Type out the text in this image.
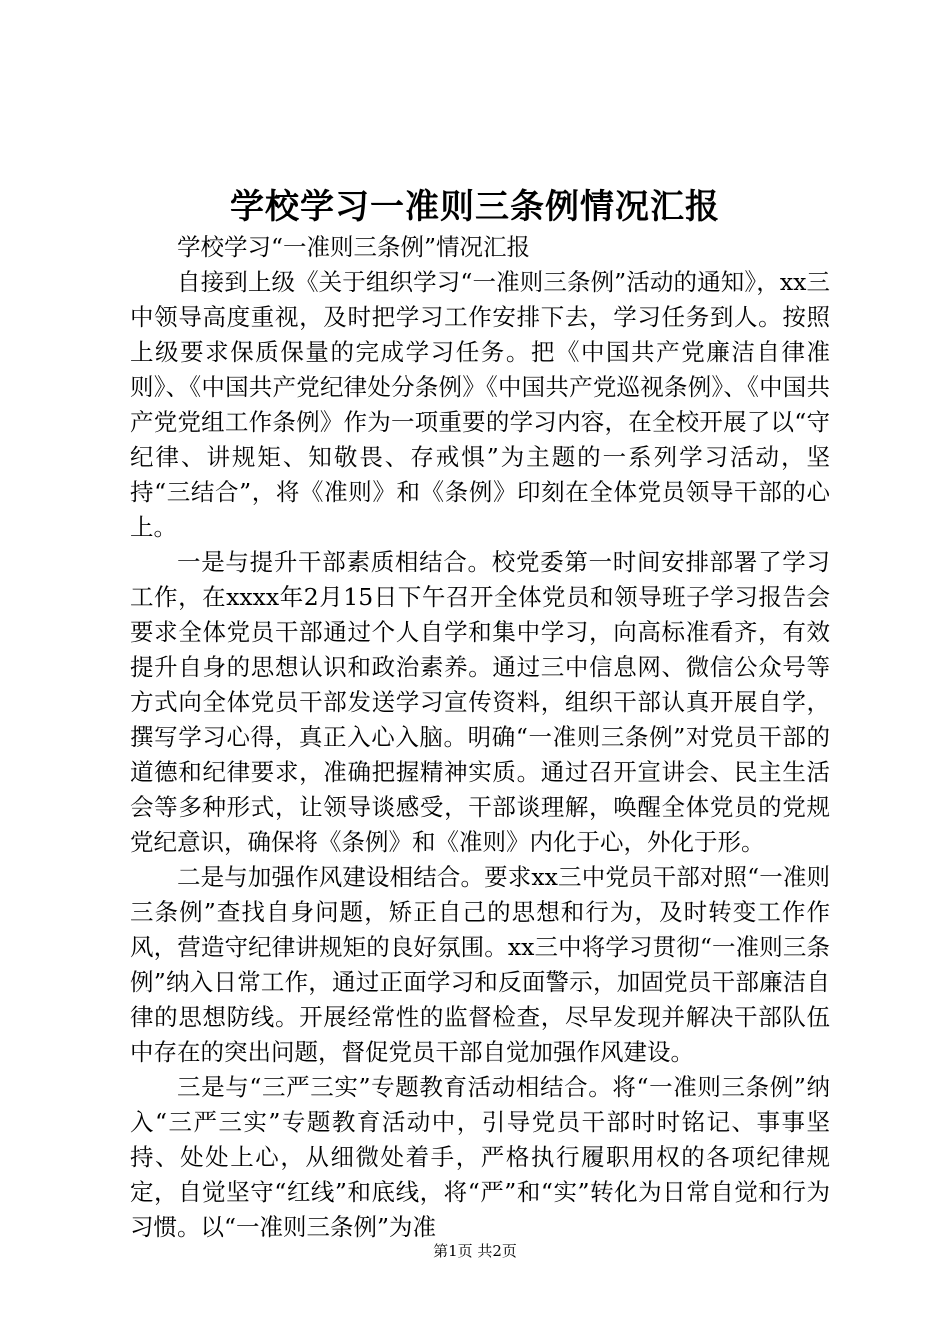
学校学习一准则三条例情况汇报

学校学习“一准则三条例”情况汇报

自接到上级《关于组织学习“一准则三条例”活动的通知》，xx三中领导高度重视，及时把学习工作安排下去，学习任务到人。按照上级要求保质保量的完成学习任务。把《中国共产党廉洁自律准则》、《中国共产党纪律处分条例》《中国共产党巡视条例》、《中国共产党党组工作条例》作为一项重要的学习内容，在全校开展了以“守纪律、讲规矩、知敬畏、存戒惧”为主题的一系列学习活动，坚持“三结合”，将《准则》和《条例》印刻在全体党员领导干部的心上。

一是与提升干部素质相结合。校党委第一时间安排部署了学习工作，在xxxx年2月15日下午召开全体党员和领导班子学习报告会要求全体党员干部通过个人自学和集中学习，向高标准看齐，有效提升自身的思想认识和政治素养。通过三中信息网、微信公众号等方式向全体党员干部发送学习宣传资料，组织干部认真开展自学，撰写学习心得，真正入心入脑。明确“一准则三条例”对党员干部的道德和纪律要求，准确把握精神实质。通过召开宣讲会、民主生活会等多种形式，让领导谈感受，干部谈理解，唤醒全体党员的党规党纪意识，确保将《条例》和《准则》内化于心，外化于形。

二是与加强作风建设相结合。要求xx三中党员干部对照“一准则三条例”查找自身问题，矫正自己的思想和行为，及时转变工作作风，营造守纪律讲规矩的良好氛围。xx三中将学习贯彻“一准则三条例”纳入日常工作，通过正面学习和反面警示，加固党员干部廉洁自律的思想防线。开展经常性的监督检查，尽早发现并解决干部队伍中存在的突出问题，督促党员干部自觉加强作风建设。

三是与“三严三实”专题教育活动相结合。将“一准则三条例”纳入“三严三实”专题教育活动中，引导党员干部时时铭记、事事坚持、处处上心，从细微处着手，严格执行履职用权的各项纪律规定，自觉坚守“红线”和底线，将“严”和“实”转化为日常自觉和行为习惯。以“一准则三条例”为准

第1页 共2页
